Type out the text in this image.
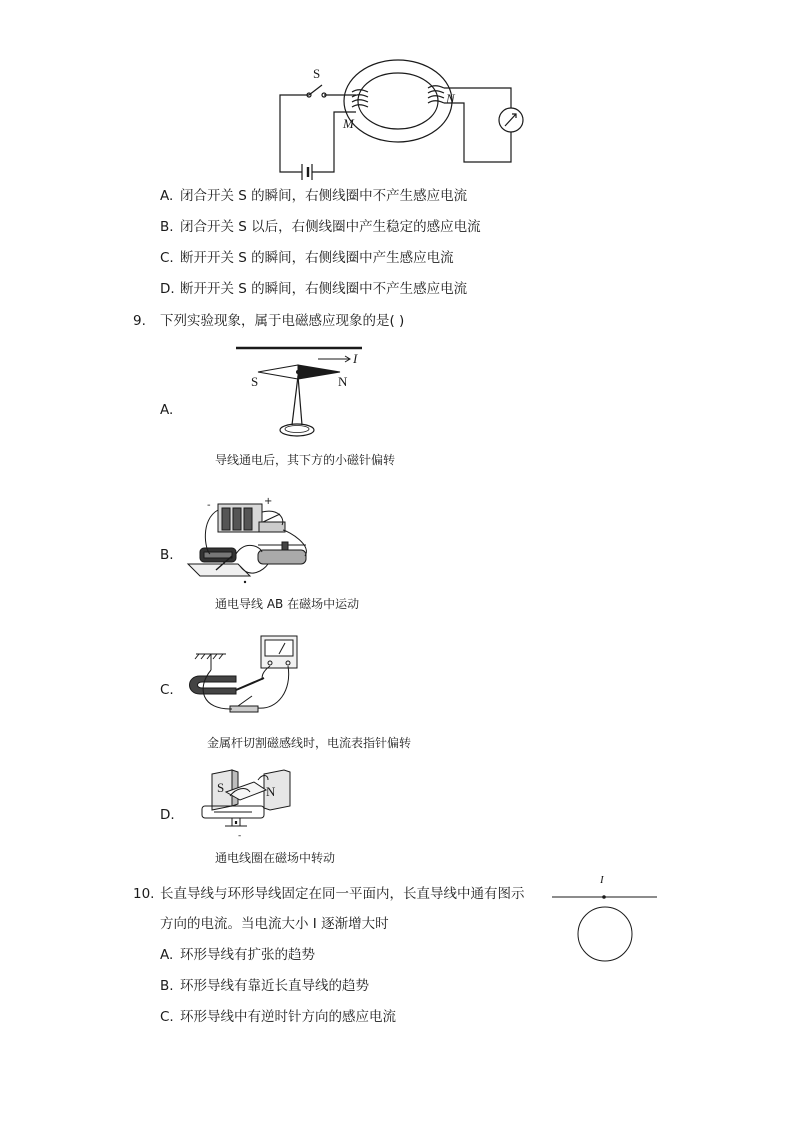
S
M
N
A. 闭合开关 S 的瞬间，右侧线圈中不产生感应电流
B. 闭合开关 S 以后，右侧线圈中产生稳定的感应电流
C. 断开开关 S 的瞬间，右侧线圈中产生感应电流
D. 断开开关 S 的瞬间，右侧线圈中不产生感应电流
9. 下列实验现象，属于电磁感应现象的是( )
A.
I
S	N
导线通电后，其下方的小磁针偏转
B.
-	+
通电导线 AB 在磁场中运动
C.
金属杆切割磁感线时，电流表指针偏转
D.
-
S	N
通电线圈在磁场中转动
10. 长直导线与环形导线固定在同一平面内，长直导线中通有图示
方向的电流。当电流大小 I 逐渐增大时
I
A. 环形导线有扩张的趋势
B. 环形导线有靠近长直导线的趋势
C. 环形导线中有逆时针方向的感应电流
